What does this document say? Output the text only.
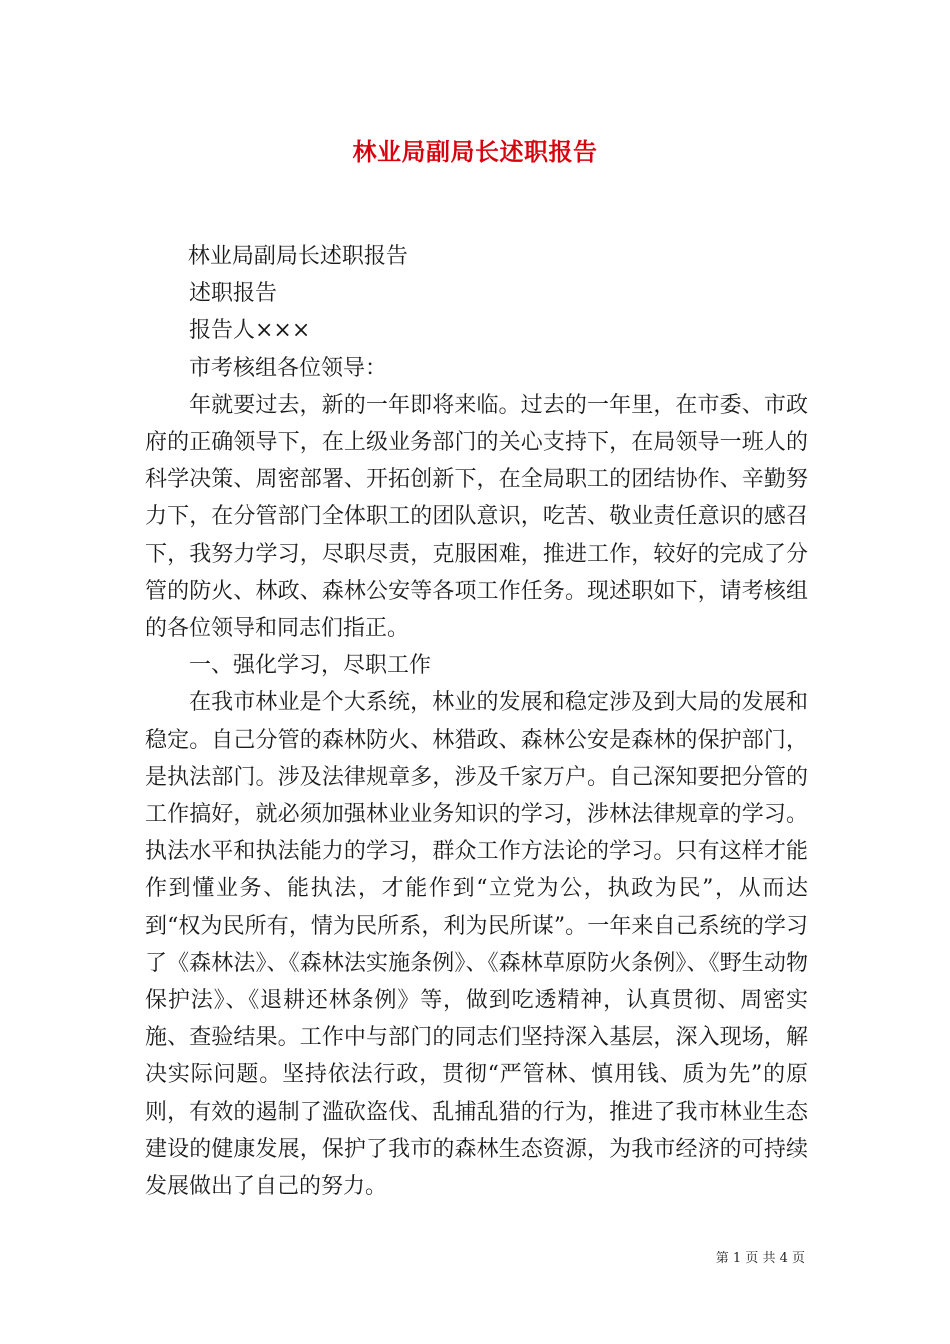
林业局副局长述职报告

林业局副局长述职报告

述职报告

报告人×××

市考核组各位领导：

年就要过去，新的一年即将来临。过去的一年里，在市委、市政府的正确领导下，在上级业务部门的关心支持下，在局领导一班人的科学决策、周密部署、开拓创新下，在全局职工的团结协作、辛勤努力下，在分管部门全体职工的团队意识，吃苦、敬业责任意识的感召下，我努力学习，尽职尽责，克服困难，推进工作，较好的完成了分管的防火、林政、森林公安等各项工作任务。现述职如下，请考核组的各位领导和同志们指正。

一、强化学习，尽职工作

在我市林业是个大系统，林业的发展和稳定涉及到大局的发展和稳定。自己分管的森林防火、林猎政、森林公安是森林的保护部门，是执法部门。涉及法律规章多，涉及千家万户。自己深知要把分管的工作搞好，就必须加强林业业务知识的学习，涉林法律规章的学习。执法水平和执法能力的学习，群众工作方法论的学习。只有这样才能作到懂业务、能执法，才能作到“立党为公，执政为民”，从而达到“权为民所有，情为民所系，利为民所谋”。一年来自己系统的学习了《森林法》、《森林法实施条例》、《森林草原防火条例》、《野生动物保护法》、《退耕还林条例》等，做到吃透精神，认真贯彻、周密实施、查验结果。工作中与部门的同志们坚持深入基层，深入现场，解决实际问题。坚持依法行政，贯彻“严管林、慎用钱、质为先”的原则，有效的遏制了滥砍盗伐、乱捕乱猎的行为，推进了我市林业生态建设的健康发展，保护了我市的森林生态资源，为我市经济的可持续发展做出了自己的努力。

第 1 页 共 4 页
